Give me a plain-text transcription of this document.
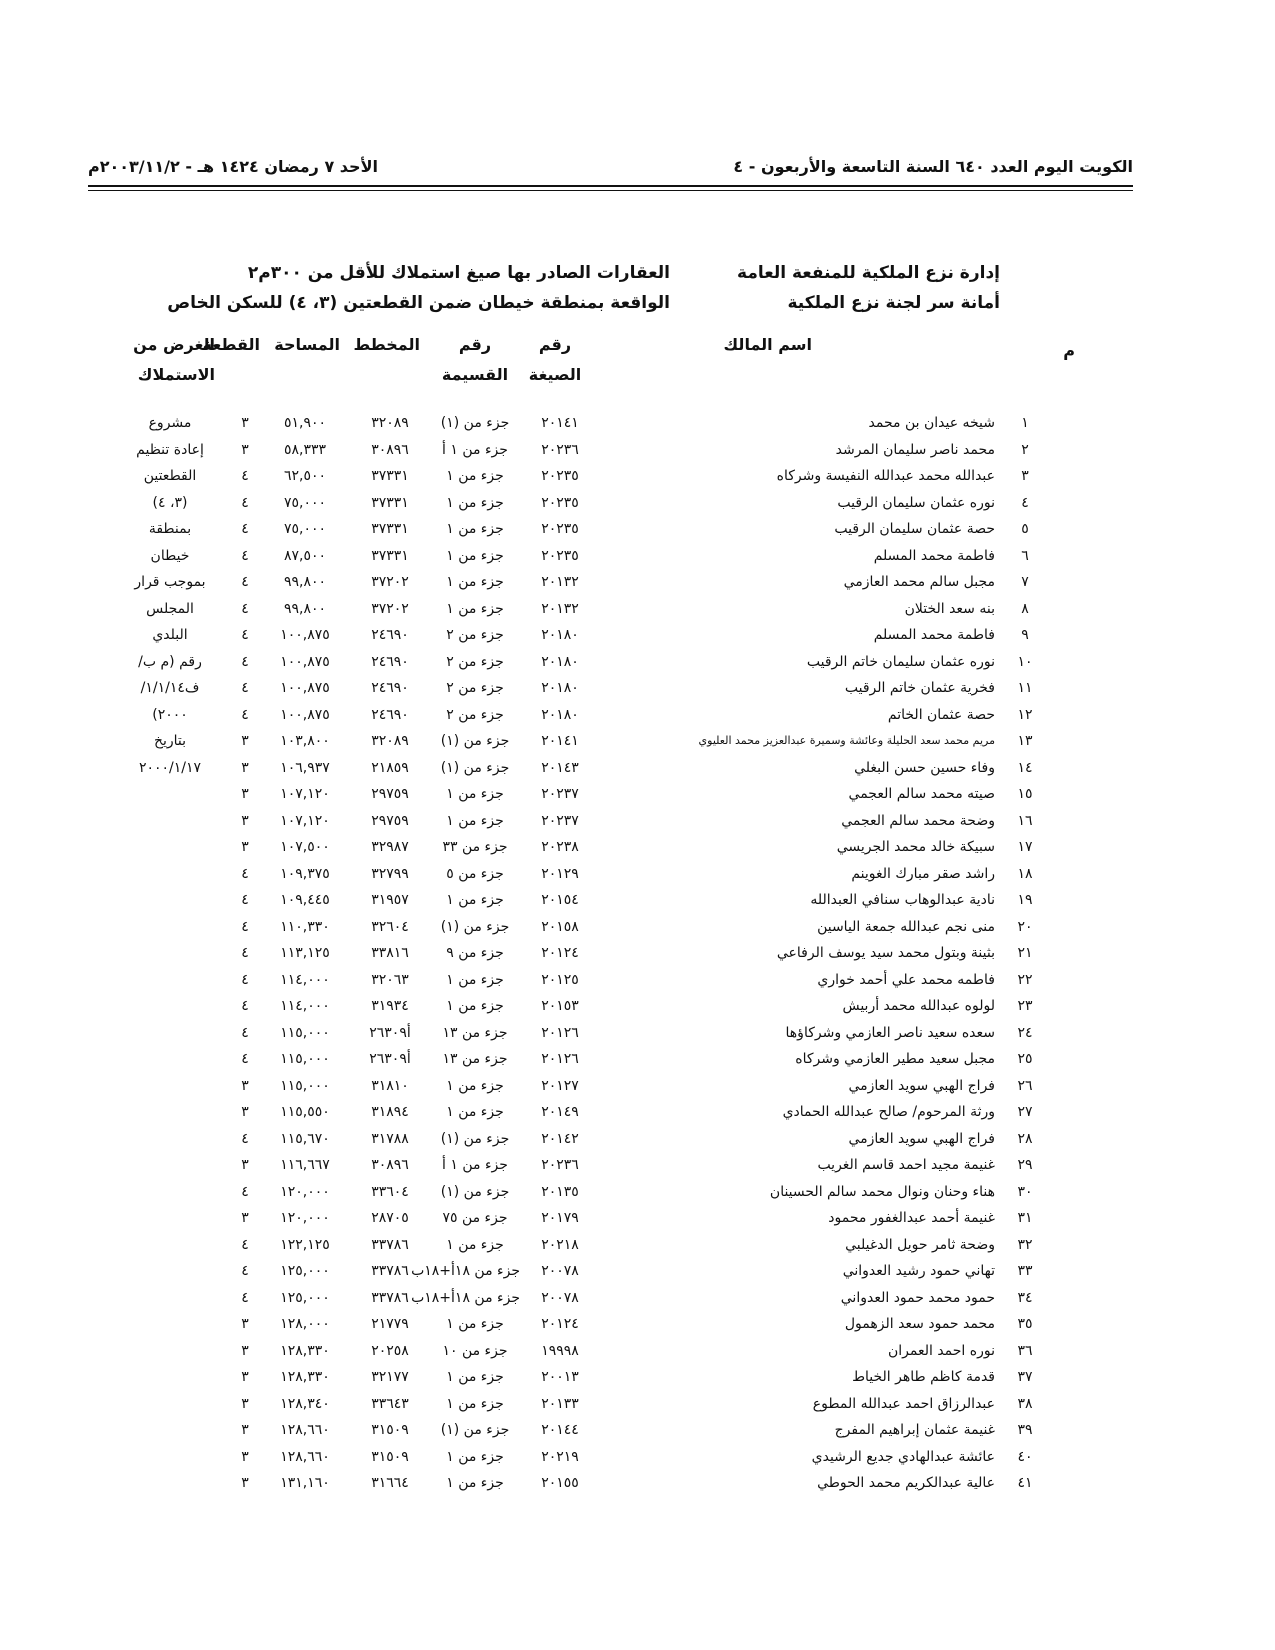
الكويت اليوم العدد ٦٤٠ السنة التاسعة والأربعون - ٤
الأحد ٧ رمضان ١٤٢٤ هـ - ٢٠٠٣/١١/٢م
إدارة نزع الملكية للمنفعة العامة
أمانة سر لجنة نزع الملكية
العقارات الصادر بها صيغ استملاك للأقل من ٣٠٠م٢
الواقعة بمنطقة خيطان ضمن القطعتين (٣، ٤) للسكن الخاص
م
اسم المالك
رقم
الصيغة
رقم
القسيمة
المخطط
المساحة
القطعة
الغرض من
الاستملاك
١
شيخه عيدان بن محمد
٢٠١٤١
جزء من (١)
٣٢٠٨٩
٥١,٩٠٠
٣
مشروع
٢
محمد ناصر سليمان المرشد
٢٠٢٣٦
جزء من ١ أ
٣٠٨٩٦
٥٨,٣٣٣
٣
إعادة تنظيم
٣
عبدالله محمد عبدالله النفيسة وشركاه
٢٠٢٣٥
جزء من ١
٣٧٣٣١
٦٢,٥٠٠
٤
القطعتين
٤
نوره عثمان سليمان الرقيب
٢٠٢٣٥
جزء من ١
٣٧٣٣١
٧٥,٠٠٠
٤
(٣، ٤)
٥
حصة عثمان سليمان الرقيب
٢٠٢٣٥
جزء من ١
٣٧٣٣١
٧٥,٠٠٠
٤
بمنطقة
٦
فاطمة محمد المسلم
٢٠٢٣٥
جزء من ١
٣٧٣٣١
٨٧,٥٠٠
٤
خيطان
٧
مجبل سالم محمد العازمي
٢٠١٣٢
جزء من ١
٣٧٢٠٢
٩٩,٨٠٠
٤
بموجب قرار
٨
بنه سعد الختلان
٢٠١٣٢
جزء من ١
٣٧٢٠٢
٩٩,٨٠٠
٤
المجلس
٩
فاطمة محمد المسلم
٢٠١٨٠
جزء من ٢
٢٤٦٩٠
١٠٠,٨٧٥
٤
البلدي
١٠
نوره عثمان سليمان خاتم الرقيب
٢٠١٨٠
جزء من ٢
٢٤٦٩٠
١٠٠,٨٧٥
٤
رقم (م ب/
١١
فخرية عثمان خاتم الرقيب
٢٠١٨٠
جزء من ٢
٢٤٦٩٠
١٠٠,٨٧٥
٤
ف١/١/١٤/
١٢
حصة عثمان الخاتم
٢٠١٨٠
جزء من ٢
٢٤٦٩٠
١٠٠,٨٧٥
٤
٢٠٠٠)
١٣
مريم محمد سعد الحليلة وعائشة وسميرة عبدالعزيز محمد العليوي
٢٠١٤١
جزء من (١)
٣٢٠٨٩
١٠٣,٨٠٠
٣
بتاريخ
١٤
وفاء حسين حسن البغلي
٢٠١٤٣
جزء من (١)
٢١٨٥٩
١٠٦,٩٣٧
٣
٢٠٠٠/١/١٧
١٥
صيته محمد سالم العجمي
٢٠٢٣٧
جزء من ١
٢٩٧٥٩
١٠٧,١٢٠
٣
١٦
وضحة محمد سالم العجمي
٢٠٢٣٧
جزء من ١
٢٩٧٥٩
١٠٧,١٢٠
٣
١٧
سبيكة خالد محمد الجريسي
٢٠٢٣٨
جزء من ٣٣
٣٢٩٨٧
١٠٧,٥٠٠
٣
١٨
راشد صقر مبارك الغوينم
٢٠١٢٩
جزء من ٥
٣٢٧٩٩
١٠٩,٣٧٥
٤
١٩
نادية عبدالوهاب سنافي العبدالله
٢٠١٥٤
جزء من ١
٣١٩٥٧
١٠٩,٤٤٥
٤
٢٠
منى نجم عبدالله جمعة الياسين
٢٠١٥٨
جزء من (١)
٣٢٦٠٤
١١٠,٣٣٠
٤
٢١
بثينة وبتول محمد سيد يوسف الرفاعي
٢٠١٢٤
جزء من ٩
٣٣٨١٦
١١٣,١٢٥
٤
٢٢
فاطمه محمد علي أحمد خواري
٢٠١٢٥
جزء من ١
٣٢٠٦٣
١١٤,٠٠٠
٤
٢٣
لولوه عبدالله محمد أربيش
٢٠١٥٣
جزء من ١
٣١٩٣٤
١١٤,٠٠٠
٤
٢٤
سعده سعيد ناصر العازمي وشركاؤها
٢٠١٢٦
جزء من ١٣
أ٢٦٣٠٩
١١٥,٠٠٠
٤
٢٥
مجبل سعيد مطير العازمي وشركاه
٢٠١٢٦
جزء من ١٣
أ٢٦٣٠٩
١١٥,٠٠٠
٤
٢٦
فراج الهبي سويد العازمي
٢٠١٢٧
جزء من ١
٣١٨١٠
١١٥,٠٠٠
٣
٢٧
ورثة المرحوم/ صالح عبدالله الحمادي
٢٠١٤٩
جزء من ١
٣١٨٩٤
١١٥,٥٥٠
٣
٢٨
فراج الهبي سويد العازمي
٢٠١٤٢
جزء من (١)
٣١٧٨٨
١١٥,٦٧٠
٤
٢٩
غنيمة مجيد احمد قاسم الغريب
٢٠٢٣٦
جزء من ١ أ
٣٠٨٩٦
١١٦,٦٦٧
٣
٣٠
هناء وحنان ونوال محمد سالم الحسينان
٢٠١٣٥
جزء من (١)
٣٣٦٠٤
١٢٠,٠٠٠
٤
٣١
غنيمة أحمد عبدالغفور محمود
٢٠١٧٩
جزء من ٧٥
٢٨٧٠٥
١٢٠,٠٠٠
٣
٣٢
وضحة ثامر حويل الدغيلبي
٢٠٢١٨
جزء من ١
٣٣٧٨٦
١٢٢,١٢٥
٤
٣٣
تهاني حمود رشيد العدواني
٢٠٠٧٨
جزء من ١٨أ+١٨ب
٣٣٧٨٦
١٢٥,٠٠٠
٤
٣٤
حمود محمد حمود العدواني
٢٠٠٧٨
جزء من ١٨أ+١٨ب
٣٣٧٨٦
١٢٥,٠٠٠
٤
٣٥
محمد حمود سعد الزهمول
٢٠١٢٤
جزء من ١
٢١٧٧٩
١٢٨,٠٠٠
٣
٣٦
نوره احمد العمران
١٩٩٩٨
جزء من ١٠
٢٠٢٥٨
١٢٨,٣٣٠
٣
٣٧
قدمة كاظم طاهر الخياط
٢٠٠١٣
جزء من ١
٣٢١٧٧
١٢٨,٣٣٠
٣
٣٨
عبدالرزاق احمد عبدالله المطوع
٢٠١٣٣
جزء من ١
٣٣٦٤٣
١٢٨,٣٤٠
٣
٣٩
غنيمة عثمان إبراهيم المفرج
٢٠١٤٤
جزء من (١)
٣١٥٠٩
١٢٨,٦٦٠
٣
٤٠
عائشة عبدالهادي جديع الرشيدي
٢٠٢١٩
جزء من ١
٣١٥٠٩
١٢٨,٦٦٠
٣
٤١
عالية عبدالكريم محمد الحوطي
٢٠١٥٥
جزء من ١
٣١٦٦٤
١٣١,١٦٠
٣
